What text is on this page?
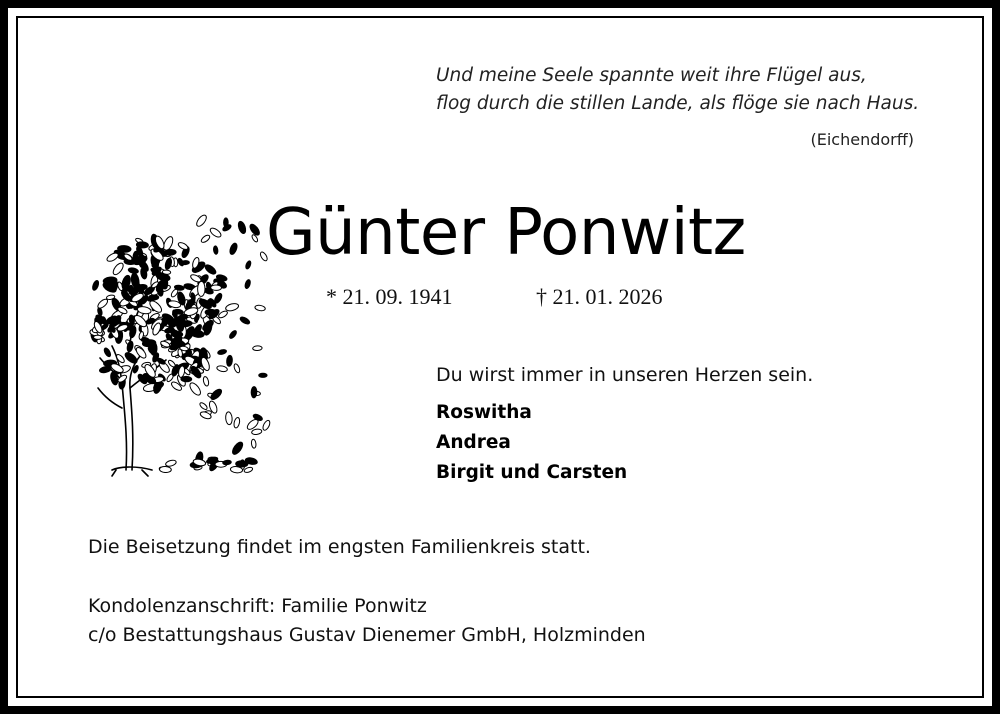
Und meine Seele spannte weit ihre Flügel aus,
flog durch die stillen Lande, als flöge sie nach Haus.
(Eichendorff)
Günter Ponwitz
* 21. 09. 1941	† 21. 01. 2026
Du wirst immer in unseren Herzen sein.
Roswitha
Andrea
Birgit und Carsten
Die Beisetzung findet im engsten Familienkreis statt.
Kondolenzanschrift: Familie Ponwitz
c/o Bestattungshaus Gustav Dienemer GmbH, Holzminden
